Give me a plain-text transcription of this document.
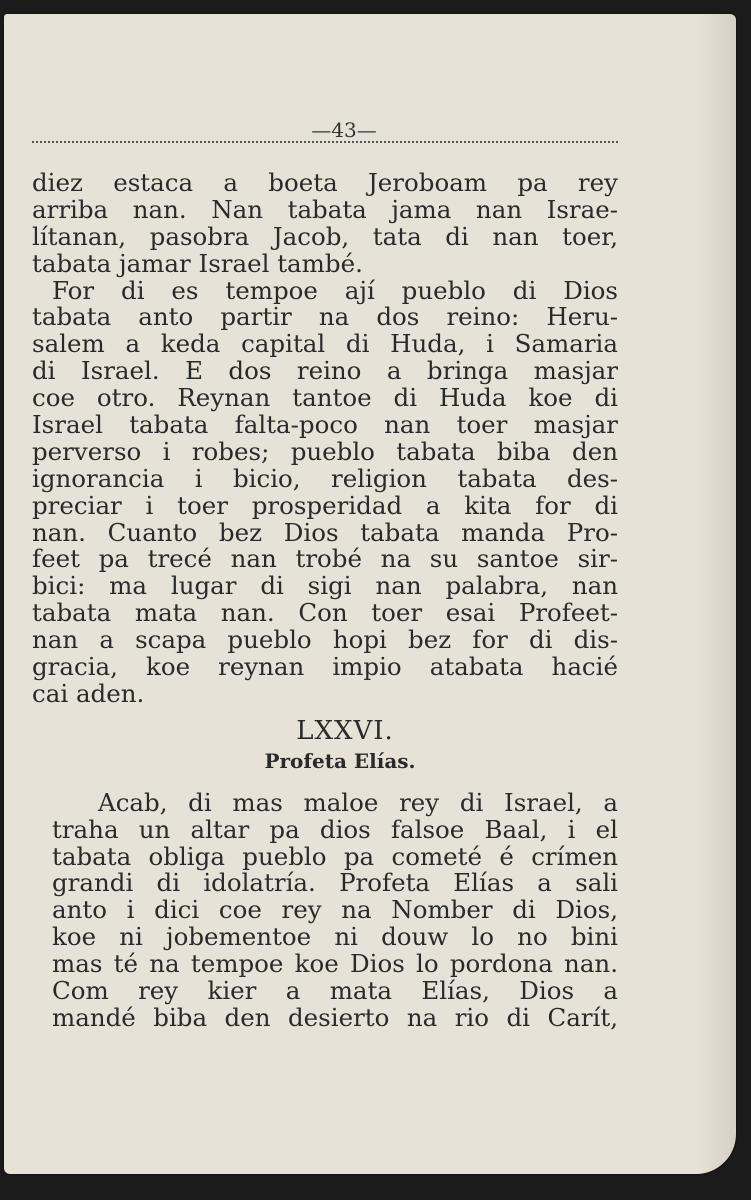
—43—
diez estaca a boeta Jeroboam pa rey
arriba nan. Nan tabata jama nan Israe-
lítanan, pasobra Jacob, tata di nan toer,
tabata jamar Israel també.
For di es tempoe ají pueblo di Dios
tabata anto partir na dos reino: Heru-
salem a keda capital di Huda, i Samaria
di Israel. E dos reino a bringa masjar
coe otro. Reynan tantoe di Huda koe di
Israel tabata falta-poco nan toer masjar
perverso i robes; pueblo tabata biba den
ignorancia i bicio, religion tabata des-
preciar i toer prosperidad a kita for di
nan. Cuanto bez Dios tabata manda Pro-
feet pa trecé nan trobé na su santoe sir-
bici: ma lugar di sigi nan palabra, nan
tabata mata nan. Con toer esai Profeet-
nan a scapa pueblo hopi bez for di dis-
gracia, koe reynan impio atabata hacié
cai aden.
LXXVI.
Profeta Elías.
Acab, di mas maloe rey di Israel, a
traha un altar pa dios falsoe Baal, i el
tabata obliga pueblo pa cometé é crímen
grandi di idolatría. Profeta Elías a sali
anto i dici coe rey na Nomber di Dios,
koe ni jobementoe ni douw lo no bini
mas té na tempoe koe Dios lo pordona nan.
Com rey kier a mata Elías, Dios a
mandé biba den desierto na rio di Carít,
